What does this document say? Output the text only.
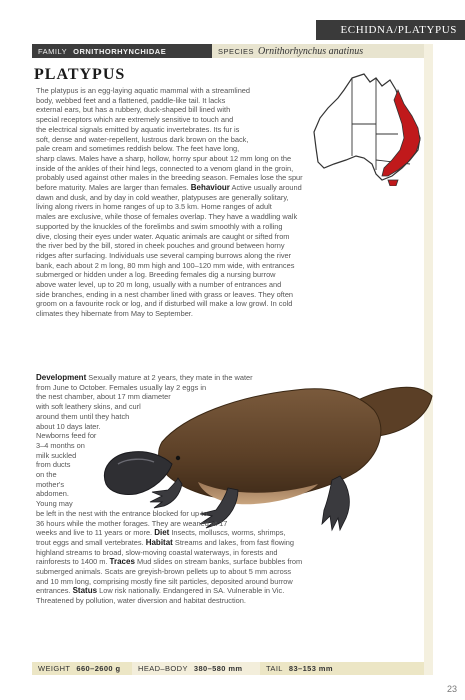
ECHIDNA/PLATYPUS
FAMILY ORNITHORHYNCHIDAE	SPECIES Ornithorhynchus anatinus
PLATYPUS
The platypus is an egg-laying aquatic mammal with a streamlined
body, webbed feet and a flattened, paddle-like tail. It lacks
external ears, but has a rubbery, duck-shaped bill lined with
special receptors which are extremely sensitive to touch and
the electrical signals emitted by aquatic invertebrates. Its fur is
soft, dense and water-repellent, lustrous dark brown on the back,
pale cream and sometimes reddish below. The feet have long,
sharp claws. Males have a sharp, hollow, horny spur about 12 mm long on the
inside of the ankles of their hind legs, connected to a venom gland in the groin,
probably used against other males in the breeding season. Females lose the spur
before maturity. Males are larger than females. Behaviour Active usually around
dawn and dusk, and by day in cold weather, platypuses are generally solitary,
living along rivers in home ranges of up to 3.5 km. Home ranges of adult
males are exclusive, while those of females overlap. They have a waddling walk
supported by the knuckles of the forelimbs and swim smoothly with a rolling
dive, closing their eyes under water. Aquatic animals are caught or sifted from
the river bed by the bill, stored in cheek pouches and ground between horny
ridges after surfacing. Individuals use several camping burrows along the river
bank, each about 2 m long, 80 mm high and 100–120 mm wide, with entrances
submerged or hidden under a log. Breeding females dig a nursing burrow
above water level, up to 20 m long, usually with a number of entrances and
side branches, ending in a nest chamber lined with grass or leaves. They often
groom on a favourite rock or log, and if disturbed will make a low growl. In cold
climates they hibernate from May to September.
Development Sexually mature at 2 years, they mate in the water
from June to October. Females usually lay 2 eggs in
the nest chamber, about 17 mm diameter
with soft leathery skins, and curl
around them until they hatch
about 10 days later.
Newborns feed for
3–4 months on
milk suckled
from ducts
on the
mother's
abdomen.
Young may
be left in the nest with the entrance blocked for up to
36 hours while the mother forages. They are weaned at 17
weeks and live to 11 years or more. Diet Insects, molluscs, worms, shrimps,
trout eggs and small vertebrates. Habitat Streams and lakes, from fast flowing
highland streams to broad, slow-moving coastal waterways, in forests and
rainforests to 1400 m. Traces Mud slides on stream banks, surface bubbles from
submerged animals. Scats are greyish-brown pellets up to about 5 mm across
and 10 mm long, comprising mostly fine silt particles, deposited around burrow
entrances. Status Low risk nationally. Endangered in SA. Vulnerable in Vic.
Threatened by pollution, water diversion and habitat destruction.
WEIGHT 660–2600 g HEAD–BODY 380–580 mm	TAIL 83–153 mm
23
